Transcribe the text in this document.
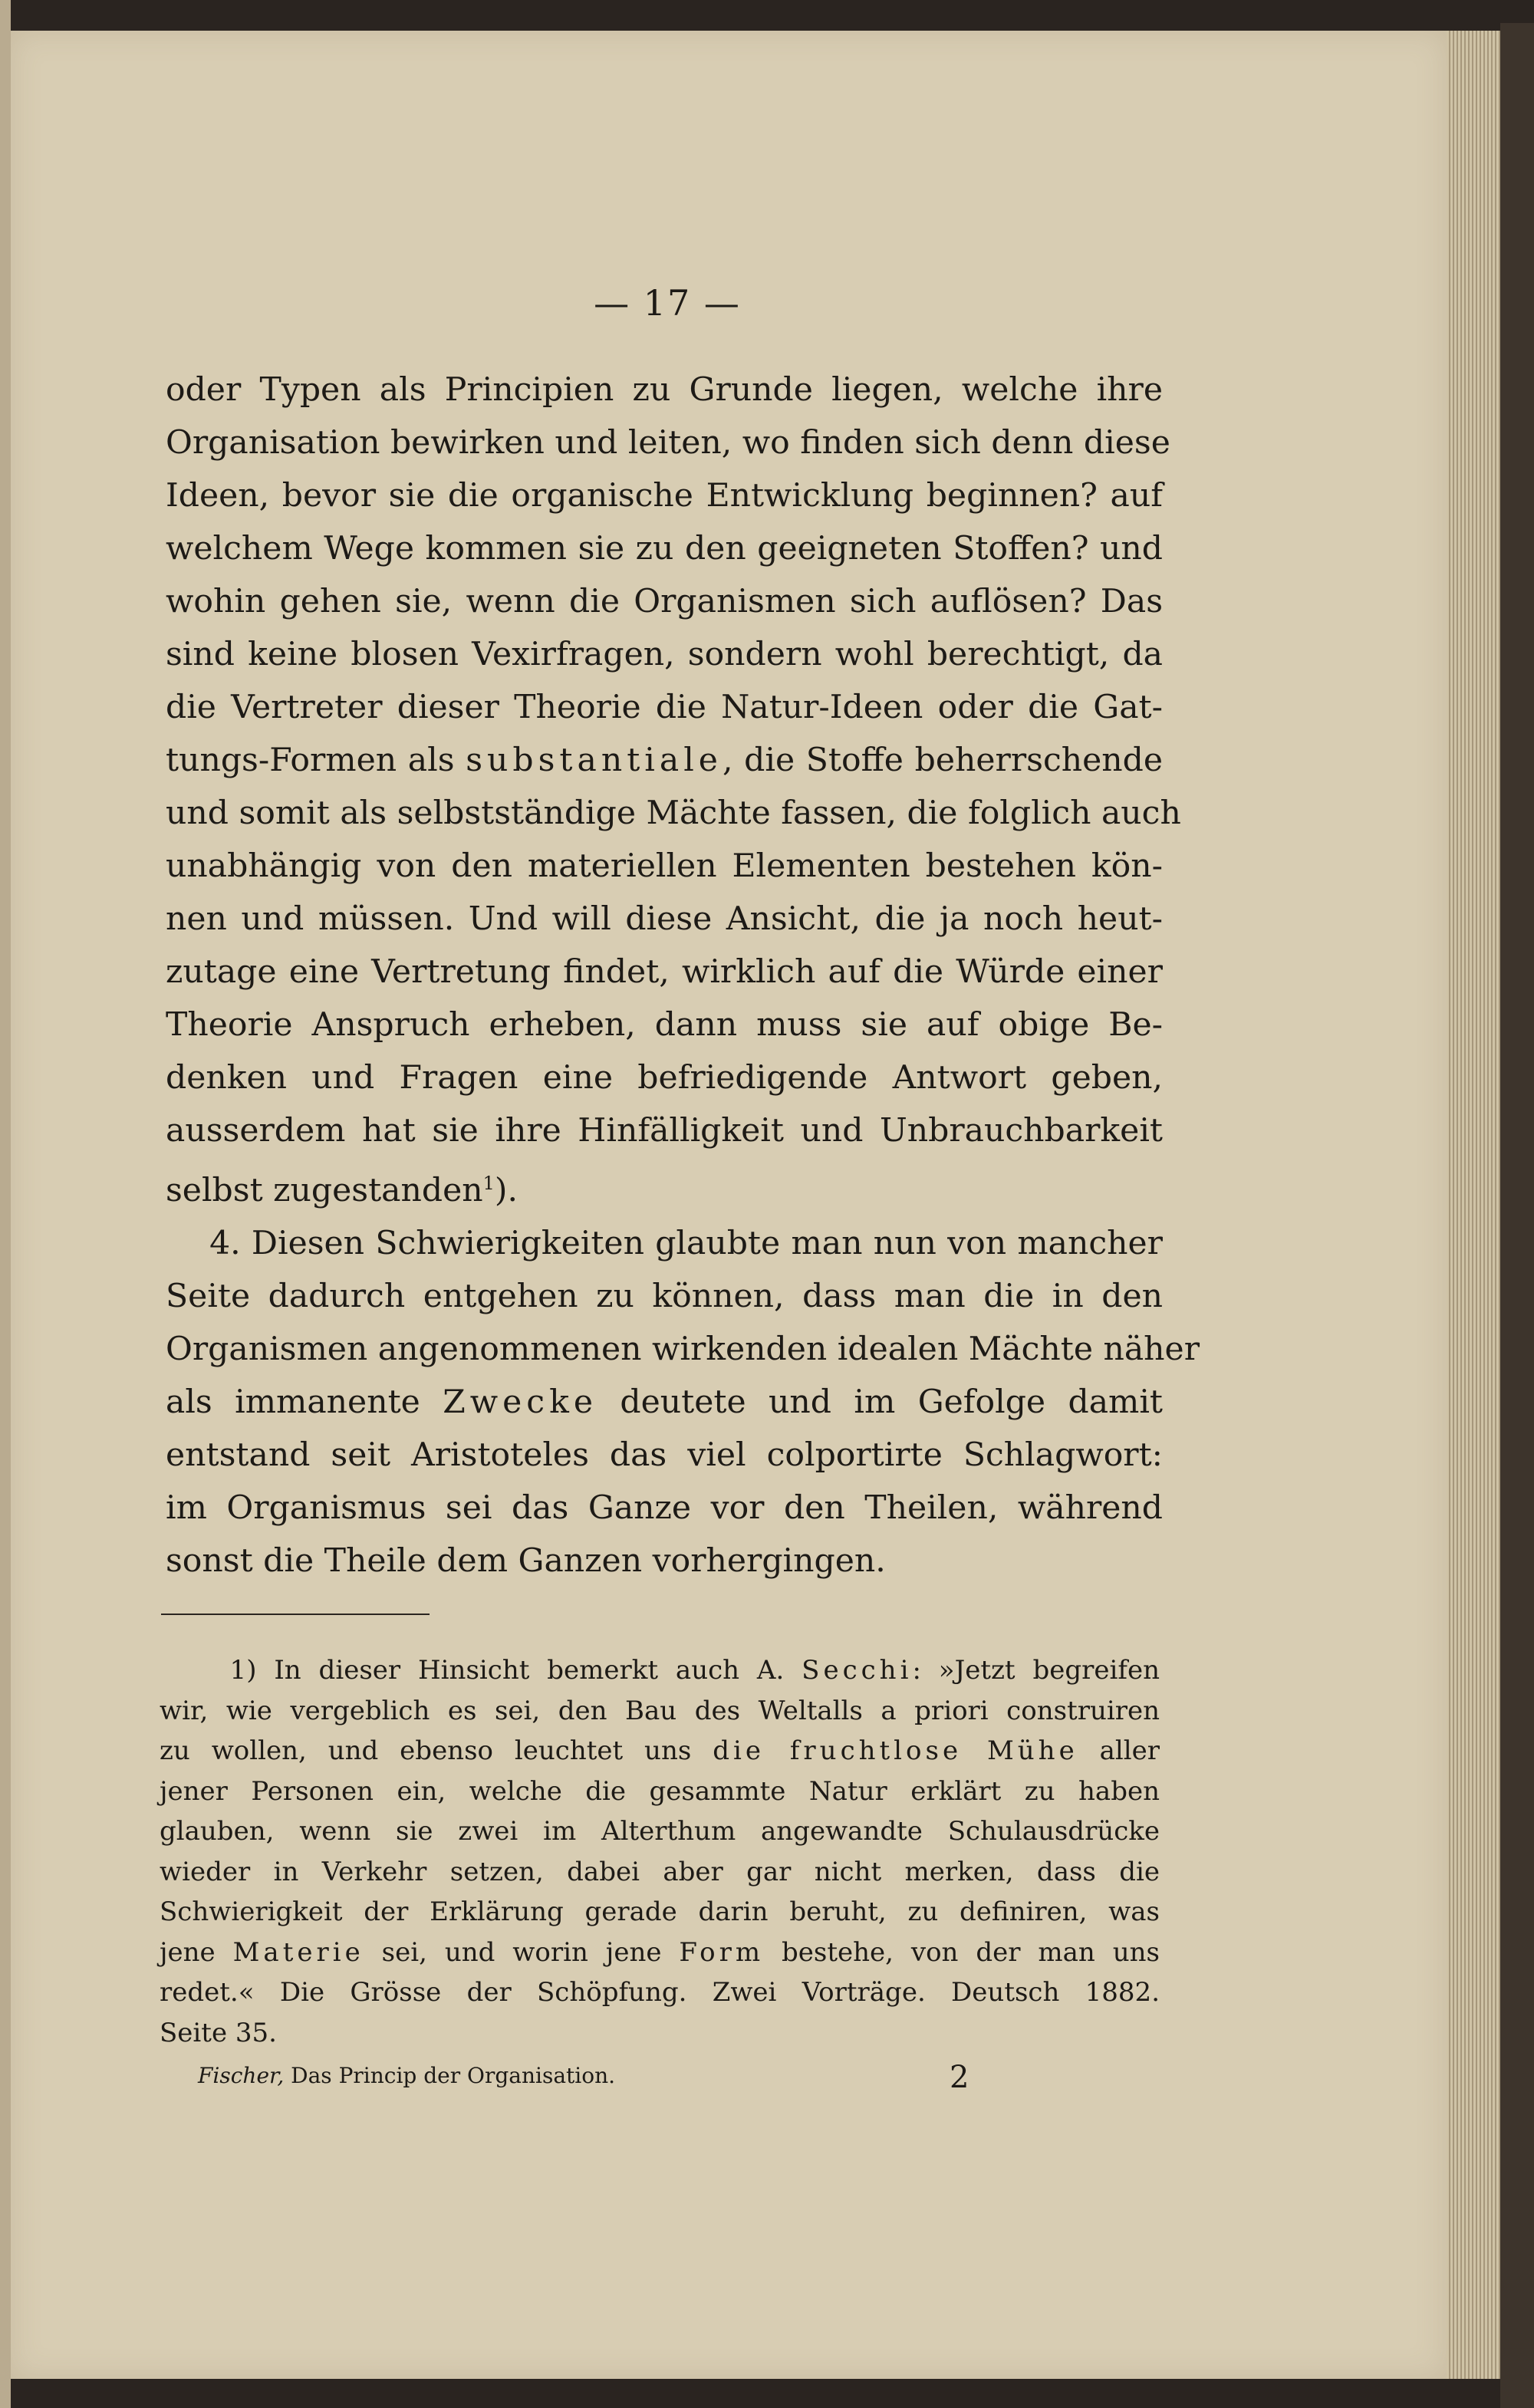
— 17 —
oder Typen als Principien zu Grunde liegen, welche ihre
Organisation bewirken und leiten, wo finden sich denn diese
Ideen, bevor sie die organische Entwicklung beginnen? auf
welchem Wege kommen sie zu den geeigneten Stoffen? und
wohin gehen sie, wenn die Organismen sich auflösen? Das
sind keine blosen Vexirfragen, sondern wohl berechtigt, da
die Vertreter dieser Theorie die Natur-Ideen oder die Gat-
tungs-Formen als substantiale, die Stoffe beherrschende
und somit als selbstständige Mächte fassen, die folglich auch
unabhängig von den materiellen Elementen bestehen kön-
nen und müssen. Und will diese Ansicht, die ja noch heut-
zutage eine Vertretung findet, wirklich auf die Würde einer
Theorie Anspruch erheben, dann muss sie auf obige Be-
denken und Fragen eine befriedigende Antwort geben,
ausserdem hat sie ihre Hinfälligkeit und Unbrauchbarkeit
selbst zugestanden$^1$).
4. Diesen Schwierigkeiten glaubte man nun von mancher
Seite dadurch entgehen zu können, dass man die in den
Organismen angenommenen wirkenden idealen Mächte näher
als immanente Zwecke deutete und im Gefolge damit
entstand seit Aristoteles das viel colportirte Schlagwort:
im Organismus sei das Ganze vor den Theilen, während
sonst die Theile dem Ganzen vorhergingen.
1) In dieser Hinsicht bemerkt auch A. Secchi: »Jetzt begreifen
wir, wie vergeblich es sei, den Bau des Weltalls a priori construiren
zu wollen, und ebenso leuchtet uns die fruchtlose Mühe aller
jener Personen ein, welche die gesammte Natur erklärt zu haben
glauben, wenn sie zwei im Alterthum angewandte Schulausdrücke
wieder in Verkehr setzen, dabei aber gar nicht merken, dass die
Schwierigkeit der Erklärung gerade darin beruht, zu definiren, was
jene Materie sei, und worin jene Form bestehe, von der man uns
redet.« Die Grösse der Schöpfung. Zwei Vorträge. Deutsch 1882.
Seite 35.
Fischer, Das Princip der Organisation.	2
